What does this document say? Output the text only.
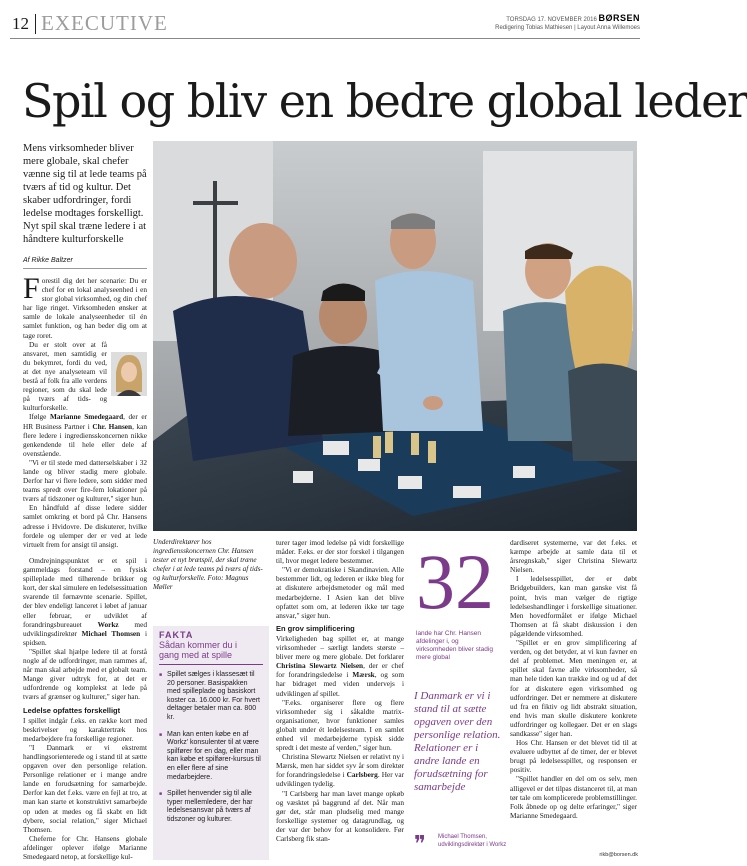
12 EXECUTIVE	TORSDAG 17. NOVEMBER 2016 BØRSEN
Redigering Tobias Mathiesen | Layout Anna Willemoes
Spil og bliv en bedre global leder
Mens virksomheder bliver mere globale, skal chefer vænne sig til at lede teams på tværs af tid og kultur. Det skaber udfordringer, fordi ledelse modtages forskelligt. Nyt spil skal træne ledere i at håndtere kulturforskelle
Af Rikke Baltzer

Forestil dig det her scenarie: Du er chef for en lokal analyseenhed i en stor global virksomhed, og din chef har lige ringet. Virksomheden ønsker at samle de lokale analyseenheder til én samlet funktion, og han beder dig om at tage roret.

Du er stolt over at få ansvaret, men samtidig er du bekymret, fordi du ved, at det nye analyseteam vil bestå af folk fra alle verdens regioner, som du skal lede på tværs af tids- og kulturforskelle.

Ifølge Marianne Smedegaard, der er HR Business Partner i Chr. Hansen, kan flere ledere i ingrediensskoncernen nikke genkendende til hele eller dele af ovenstående.

"Vi er til stede med datterselskaber i 32 lande og bliver stadig mere globale. Derfor har vi flere ledere, som sidder med teams spredt over fire-fem lokationer på tværs af tidszoner og kulturer," siger hun.

En håndfuld af disse ledere sidder samlet omkring et bord på Chr. Hansens adresse i Hvidovre. De diskuterer, hvilke fordele og ulemper der er ved at lede virtuelt frem for ansigt til ansigt.

Omdrejningspunktet er et spil i gammeldags forstand – en fysisk spilleplade med tilhørende brikker og kort, der skal simulere en ledelsessituation svarende til førnævnte scenarie. Spillet, der blev endeligt lanceret i løbet af januar eller februar, er udviklet af forandringsbureauet Workz med udviklingsdirektør Michael Thomsen i spidsen.

"Spillet skal hjælpe ledere til at forstå nogle af de udfordringer, man rammes af, når man skal arbejde med et globalt team. Mange giver udtryk for, at det er udfordrende og komplekst at lede på tværs af grænser og kulturer," siger han.

Ledelse opfattes forskelligt

I spillet indgår f.eks. en række kort med beskrivelser og karaktertræk hos medarbejdere fra forskellige regioner.

"I Danmark er vi ekstremt handlingsorienterede og i stand til at sætte opgaven over den personlige relation. Personlige relationer er i mange andre lande en forudsætning for samarbejde. Derfor kan det f.eks. være en fejl at tro, at man kan starte et konstruktivt samarbejde op uden at mødes og få skabt en lidt dybere, social relation," siger Michael Thomsen.

Cheferne for Chr. Hansens globale afdelinger oplever ifølge Marianne Smedegaard netop, at forskellige kul-

Underdirektører hos ingrediensskoncernen Chr. Hansen tester et nyt brætspil, der skal træne chefer i at lede teams på tværs af tids- og kulturforskelle. Foto: Magnus Møller
FAKTA
Sådan kommer du i gang med at spille
■ Spillet sælges i klassesæt til 20 personer. Basispakken med spilleplade og basiskort koster ca. 16.000 kr. For hvert deltager betaler man ca. 800 kr.
■ Man kan enten købe en af Workz' konsulenter til at være spilfører for en dag, eller man kan købe et spilfører-kursus til en eller flere af sine medarbejdere.
■ Spillet henvender sig til alle typer mellemledere, der har ledelsesansvar på tværs af tidszoner og kulturer.

turer tager imod ledelse på vidt forskellige måder. F.eks. er der stor forskel i tilgangen til, hvor meget ledere bestemmer.

"Vi er demokratiske i Skandinavien. Alle bestemmer lidt, og lederen er ikke bleg for at diskutere arbejdsmetoder og mål med medarbejderne. I Asien kan det blive opfattet som om, at lederen ikke tør tage ansvar," siger hun.

En grov simplificering

Virkeligheden bag spillet er, at mange virksomheder – særligt landets største – bliver mere og mere globale. Det forklarer Christina Slewartz Nielsen, der er chef for forandringsledelse i Mærsk, og som har bidraget med viden undervejs i udviklingen af spillet.

"F.eks. organiserer flere og flere virksomheder sig i såkaldte matrix-organisationer, hvor funktioner samles globalt under ét ledelsesteam. I en samlet enhed vil medarbejderne typisk sidde spredt i det meste af verden," siger hun.

Christina Slewartz Nielsen er relativt ny i Mærsk, men har siddet syv år som direktør for forandringsledelse i Carlsberg. Her var udviklingen tydelig.

"I Carlsberg har man lavet mange opkøb og væsktet på baggrund af det. Når man gør det, står man pludselig med mange forskellige systemer og datagrundlag, og der var der behov for at konsolidere. Før Carlsberg fik stan-

32
lande har Chr. Hansen afdelinger i, og virksomheden bliver stadig mere global
I Danmark er vi i stand til at sætte opgaven over den personlige relation. Relationer er i andre lande en forudsætning for samarbejde
❞ Michael Thomsen, udviklingsdirektør i Workz

dardiseret systemerne, var det f.eks. et kæmpe arbejde at samle data til et årsregnskab," siger Christina Slewartz Nielsen.

I ledelsesspillet, der er døbt Bridgebuilders, kan man ganske vist få point, hvis man vælger de rigtige ledelseshandlinger i forskellige situationer. Men hovedformålet er ifølge Michael Thomsen at få skabt diskussion i den pågældende virksomhed.

"Spillet er en grov simplificering af verden, og det betyder, at vi kun favner en del af problemet. Men meningen er, at spillet skal favne alle virksomheder, så man hele tiden kan trække ind og ud af det for at diskutere egen virksomhed og udfordringer. Det er nemmere at diskutere ud fra en fiktiv og lidt abstrakt situation, end hvis man skulle diskutere konkrete udfordringer og kollegaer. Det er en slags sandkasse" siger han.

Hos Chr. Hansen er det blevet tid til at evaluere udbyttet af de timer, der er blevet brugt på ledelsesspillet, og responsen er positiv.

"Spillet handler en del om os selv, men alligevel er det tilpas distanceret til, at man tør tale om komplicerede problemstillinger. Folk åbnede op og delte erfaringer," siger Marianne Smedegaard.

rikb@borsen.dk
